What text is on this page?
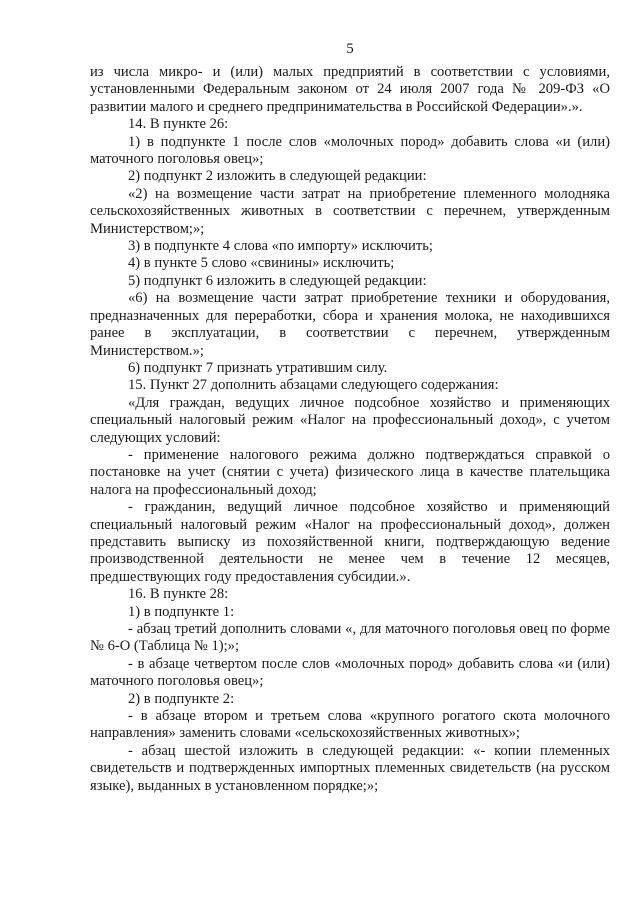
5

из числа микро- и (или) малых предприятий в соответствии с условиями, установленными Федеральным законом от 24 июля 2007 года № 209-ФЗ «О развитии малого и среднего предпринимательства в Российской Федерации».».

14. В пункте 26:

1) в подпункте 1 после слов «молочных пород» добавить слова «и (или) маточного поголовья овец»;

2) подпункт 2 изложить в следующей редакции:

«2) на возмещение части затрат на приобретение племенного молодняка сельскохозяйственных животных в соответствии с перечнем, утвержденным Министерством;»;

3) в подпункте 4 слова «по импорту» исключить;

4) в пункте 5 слово «свинины» исключить;

5) подпункт 6 изложить в следующей редакции:

«6) на возмещение части затрат приобретение техники и оборудования, предназначенных для переработки, сбора и хранения молока, не находившихся ранее в эксплуатации, в соответствии с перечнем, утвержденным Министерством.»;

6) подпункт 7 признать утратившим силу.

15. Пункт 27 дополнить абзацами следующего содержания:

«Для граждан, ведущих личное подсобное хозяйство и применяющих специальный налоговый режим «Налог на профессиональный доход», с учетом следующих условий:

- применение налогового режима должно подтверждаться справкой о постановке на учет (снятии с учета) физического лица в качестве плательщика налога на профессиональный доход;

- гражданин, ведущий личное подсобное хозяйство и применяющий специальный налоговый режим «Налог на профессиональный доход», должен представить выписку из похозяйственной книги, подтверждающую ведение производственной деятельности не менее чем в течение 12 месяцев, предшествующих году предоставления субсидии.».

16. В пункте 28:

1) в подпункте 1:

- абзац третий дополнить словами «, для маточного поголовья овец по форме № 6-О (Таблица № 1);»;

- в абзаце четвертом после слов «молочных пород» добавить слова «и (или) маточного поголовья овец»;

2) в подпункте 2:

- в абзаце втором и третьем слова «крупного рогатого скота молочного направления» заменить словами «сельскохозяйственных животных»;

- абзац шестой изложить в следующей редакции: «- копии племенных свидетельств и подтвержденных импортных племенных свидетельств (на русском языке), выданных в установленном порядке;»;
